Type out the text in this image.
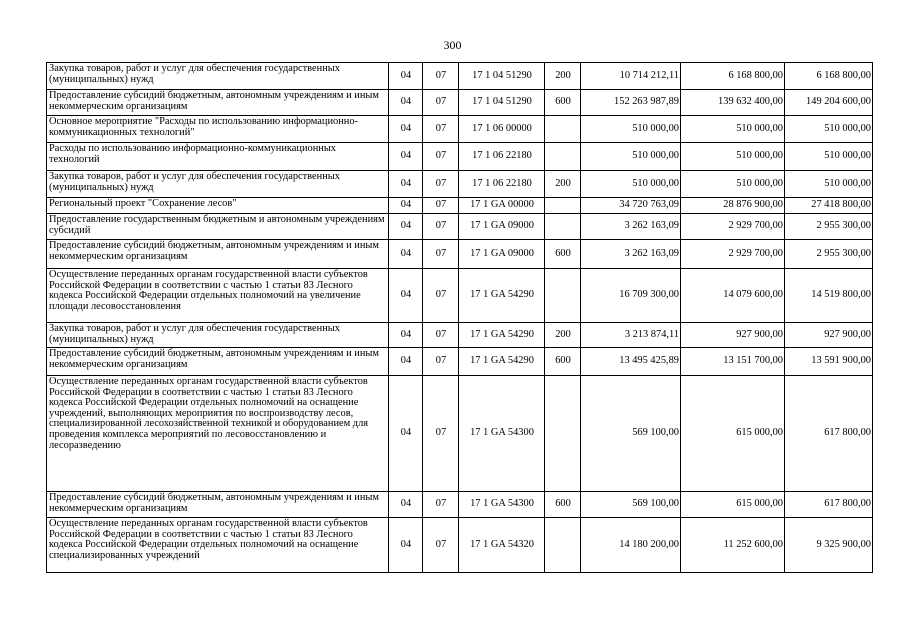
300
Закупка товаров, работ и услуг для обеспечения государственных (муниципальных) нужд	04	07	17 1 04 51290	200	10 714 212,11	6 168 800,00	6 168 800,00
Предоставление субсидий бюджетным, автономным учреждениям и иным некоммерческим организациям	04	07	17 1 04 51290	600	152 263 987,89	139 632 400,00	149 204 600,00
Основное мероприятие "Расходы по использованию информационно-коммуникационных технологий"	04	07	17 1 06 00000		510 000,00	510 000,00	510 000,00
Расходы по использованию информационно-коммуникационных технологий	04	07	17 1 06 22180		510 000,00	510 000,00	510 000,00
Закупка товаров, работ и услуг для обеспечения государственных (муниципальных) нужд	04	07	17 1 06 22180	200	510 000,00	510 000,00	510 000,00
Региональный проект "Сохранение лесов"	04	07	17 1 GA 00000		34 720 763,09	28 876 900,00	27 418 800,00
Предоставление государственным бюджетным и автономным учреждениям субсидий	04	07	17 1 GA 09000		3 262 163,09	2 929 700,00	2 955 300,00
Предоставление субсидий бюджетным, автономным учреждениям и иным некоммерческим организациям	04	07	17 1 GA 09000	600	3 262 163,09	2 929 700,00	2 955 300,00
Осуществление переданных органам государственной власти субъектов Российской Федерации в соответствии с частью 1 статьи 83 Лесного кодекса Российской Федерации отдельных полномочий на увеличение площади лесовосстановления	04	07	17 1 GA 54290		16 709 300,00	14 079 600,00	14 519 800,00
Закупка товаров, работ и услуг для обеспечения государственных (муниципальных) нужд	04	07	17 1 GA 54290	200	3 213 874,11	927 900,00	927 900,00
Предоставление субсидий бюджетным, автономным учреждениям и иным некоммерческим организациям	04	07	17 1 GA 54290	600	13 495 425,89	13 151 700,00	13 591 900,00
Осуществление переданных органам государственной власти субъектов Российской Федерации в соответствии с частью 1 статьи 83 Лесного кодекса Российской Федерации отдельных полномочий на оснащение учреждений, выполняющих мероприятия по воспроизводству лесов, специализированной лесохозяйственной техникой и оборудованием для проведения комплекса мероприятий по лесовосстановлению и лесоразведению	04	07	17 1 GA 54300		569 100,00	615 000,00	617 800,00
Предоставление субсидий бюджетным, автономным учреждениям и иным некоммерческим организациям	04	07	17 1 GA 54300	600	569 100,00	615 000,00	617 800,00
Осуществление переданных органам государственной власти субъектов Российской Федерации в соответствии с частью 1 статьи 83 Лесного кодекса Российской Федерации отдельных полномочий на оснащение специализированных учреждений	04	07	17 1 GA 54320		14 180 200,00	11 252 600,00	9 325 900,00
